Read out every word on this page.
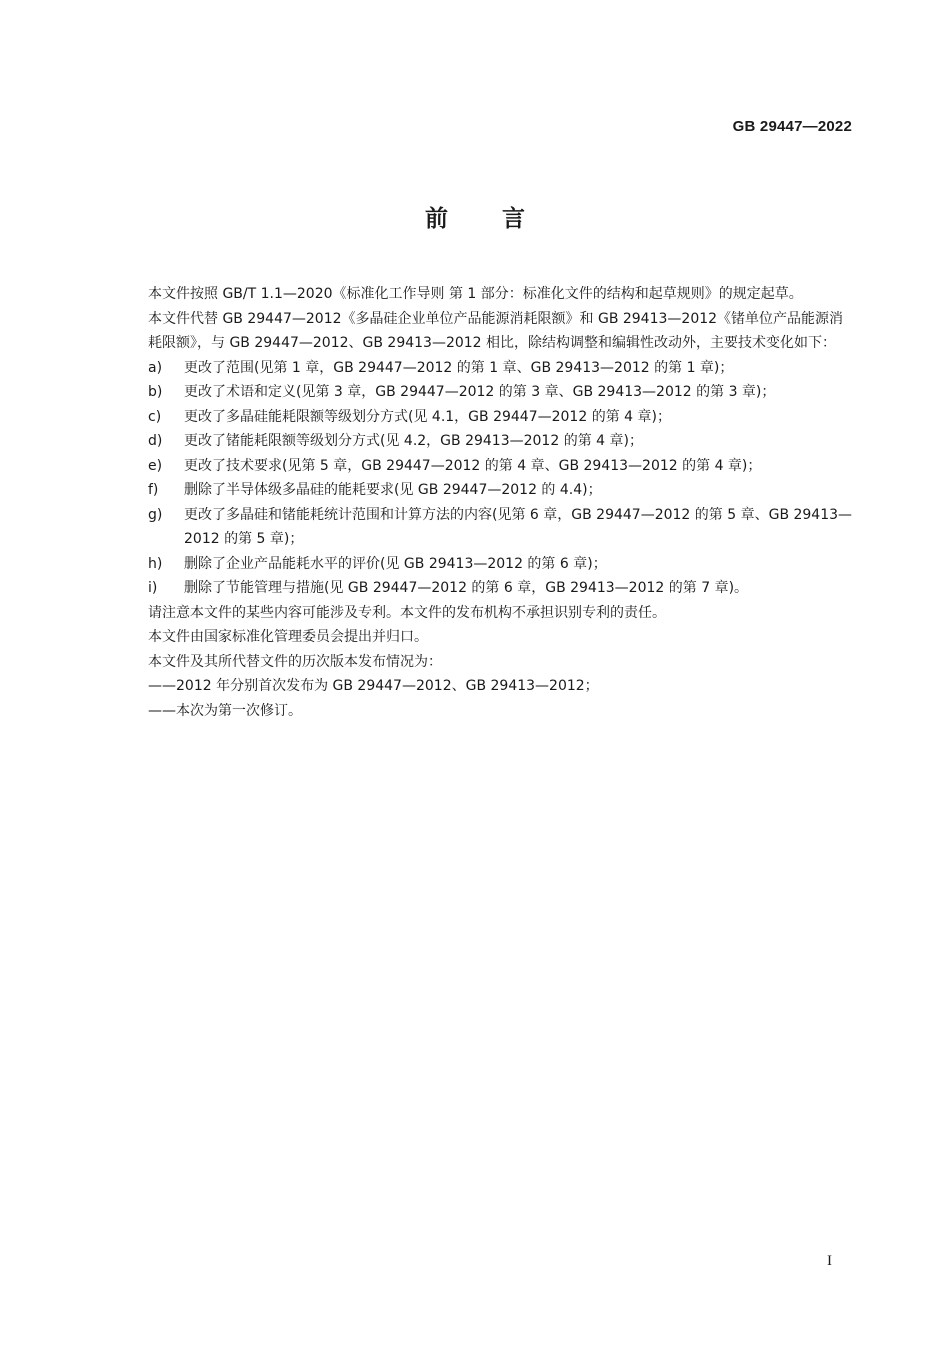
GB 29447—2022
前言

本文件按照 GB/T 1.1—2020《标准化工作导则 第 1 部分：标准化文件的结构和起草规则》的规定起草。

本文件代替 GB 29447—2012《多晶硅企业单位产品能源消耗限额》和 GB 29413—2012《锗单位产品能源消耗限额》，与 GB 29447—2012、GB 29413—2012 相比，除结构调整和编辑性改动外，主要技术变化如下：

a) 更改了范围(见第 1 章，GB 29447—2012 的第 1 章、GB 29413—2012 的第 1 章)；
b) 更改了术语和定义(见第 3 章，GB 29447—2012 的第 3 章、GB 29413—2012 的第 3 章)；
c) 更改了多晶硅能耗限额等级划分方式(见 4.1，GB 29447—2012 的第 4 章)；
d) 更改了锗能耗限额等级划分方式(见 4.2，GB 29413—2012 的第 4 章)；
e) 更改了技术要求(见第 5 章，GB 29447—2012 的第 4 章、GB 29413—2012 的第 4 章)；
f) 删除了半导体级多晶硅的能耗要求(见 GB 29447—2012 的 4.4)；
g) 更改了多晶硅和锗能耗统计范围和计算方法的内容(见第 6 章，GB 29447—2012 的第 5 章、GB 29413—2012 的第 5 章)；
h) 删除了企业产品能耗水平的评价(见 GB 29413—2012 的第 6 章)；
i) 删除了节能管理与措施(见 GB 29447—2012 的第 6 章，GB 29413—2012 的第 7 章)。

请注意本文件的某些内容可能涉及专利。本文件的发布机构不承担识别专利的责任。

本文件由国家标准化管理委员会提出并归口。

本文件及其所代替文件的历次版本发布情况为：

——2012 年分别首次发布为 GB 29447—2012、GB 29413—2012；

——本次为第一次修订。

I
